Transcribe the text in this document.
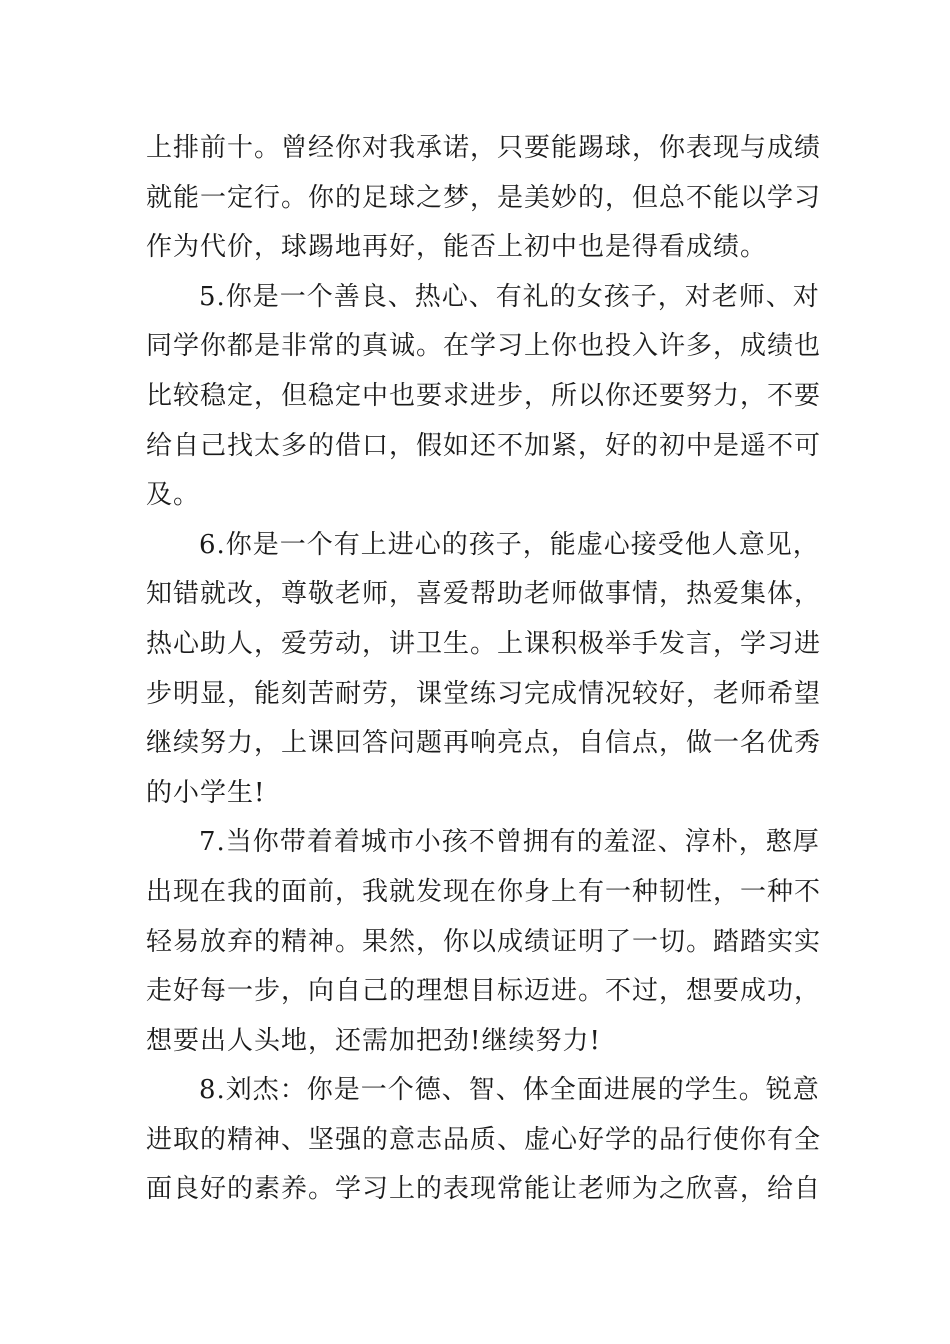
上排前十。曾经你对我承诺，只要能踢球，你表现与成绩
就能一定行。你的足球之梦，是美妙的，但总不能以学习
作为代价，球踢地再好，能否上初中也是得看成绩。
5.你是一个善良、热心、有礼的女孩子，对老师、对
同学你都是非常的真诚。在学习上你也投入许多，成绩也
比较稳定，但稳定中也要求进步，所以你还要努力，不要
给自己找太多的借口，假如还不加紧，好的初中是遥不可
及。
6.你是一个有上进心的孩子，能虚心接受他人意见，
知错就改，尊敬老师，喜爱帮助老师做事情，热爱集体，
热心助人，爱劳动，讲卫生。上课积极举手发言，学习进
步明显，能刻苦耐劳，课堂练习完成情况较好，老师希望
继续努力，上课回答问题再响亮点，自信点，做一名优秀
的小学生!
7.当你带着着城市小孩不曾拥有的羞涩、淳朴，憨厚
出现在我的面前，我就发现在你身上有一种韧性，一种不
轻易放弃的精神。果然，你以成绩证明了一切。踏踏实实
走好每一步，向自己的理想目标迈进。不过，想要成功，
想要出人头地，还需加把劲!继续努力!
8.刘杰：你是一个德、智、体全面进展的学生。锐意
进取的精神、坚强的意志品质、虚心好学的品行使你有全
面良好的素养。学习上的表现常能让老师为之欣喜，给自
